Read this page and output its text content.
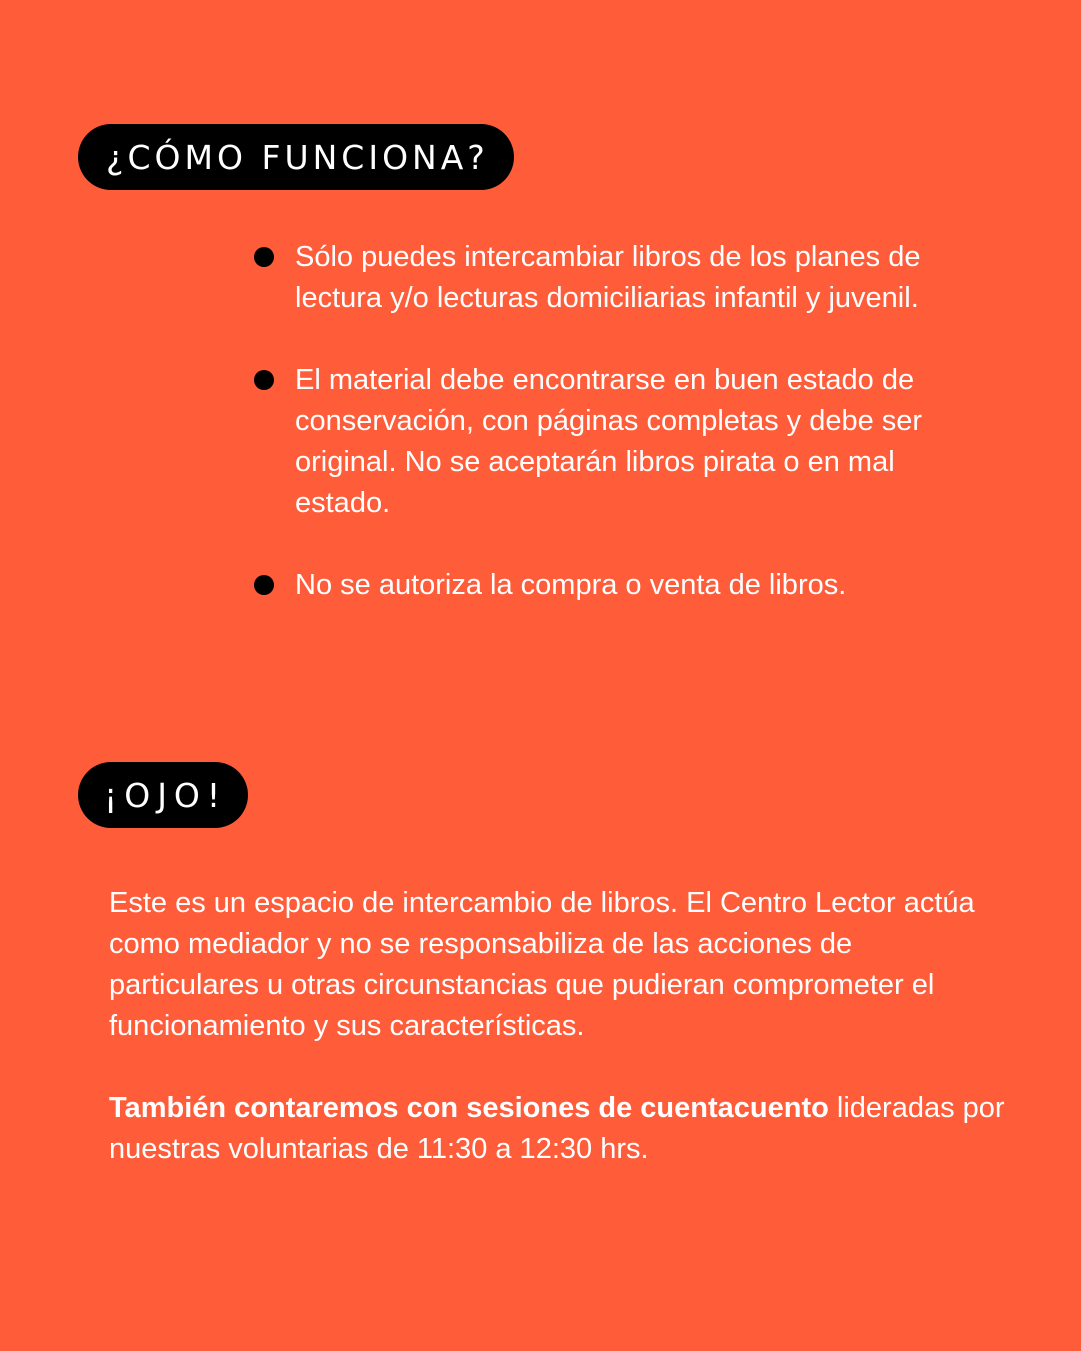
¿CÓMO FUNCIONA?
Sólo puedes intercambiar libros de los planes de lectura y/o lecturas domiciliarias infantil y juvenil.
El material debe encontrarse en buen estado de conservación, con páginas completas y debe ser original. No se aceptarán libros pirata o en mal estado.
No se autoriza la compra o venta de libros.
¡OJO!

Este es un espacio de intercambio de libros. El Centro Lector actúa como mediador y no se responsabiliza de las acciones de particulares u otras circunstancias que pudieran comprometer el funcionamiento y sus características.

También contaremos con sesiones de cuentacuento lideradas por nuestras voluntarias de 11:30 a 12:30 hrs.
